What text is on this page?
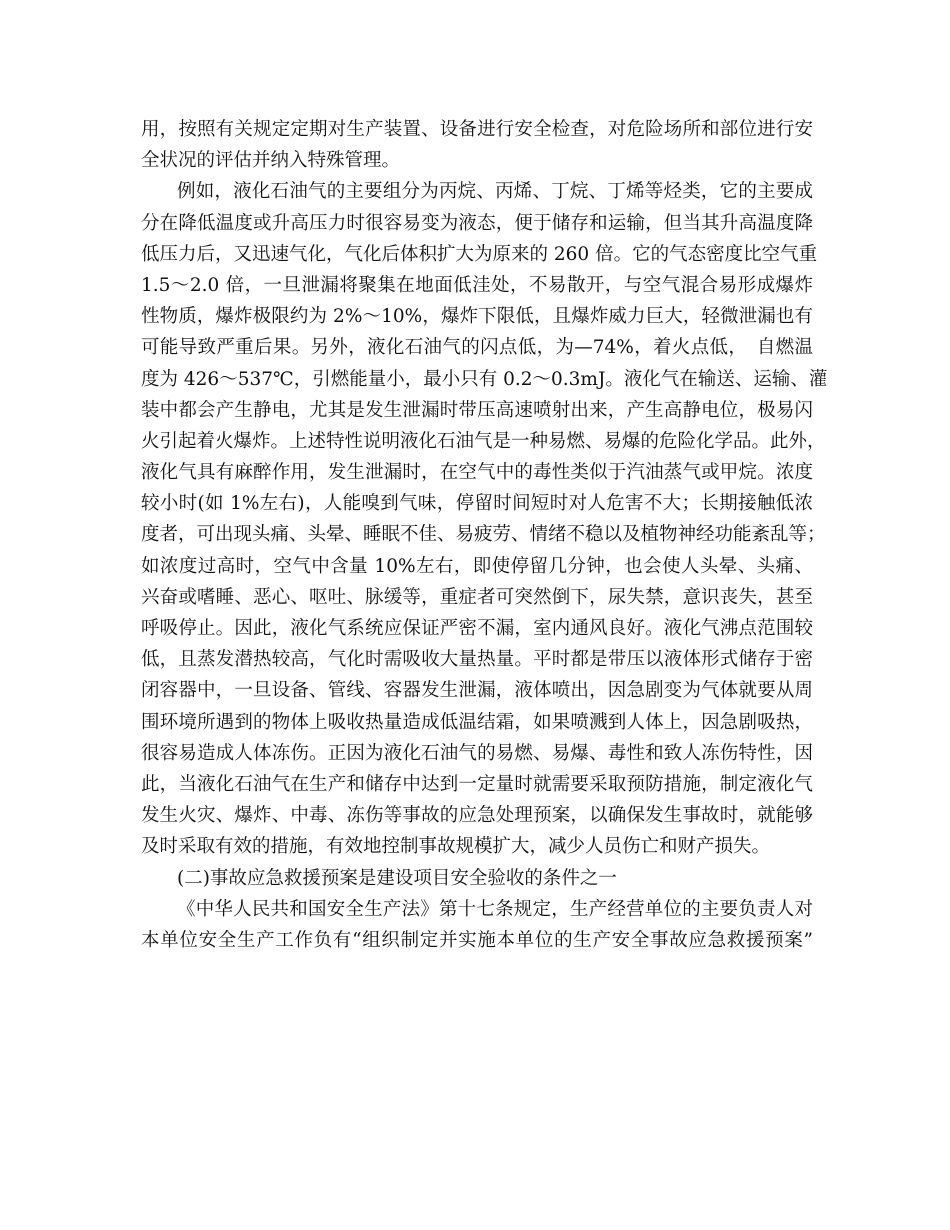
用，按照有关规定定期对生产装置、设备进行安全检查，对危险场所和部位进行安
全状况的评估并纳入特殊管理。
例如，液化石油气的主要组分为丙烷、丙烯、丁烷、丁烯等烃类，它的主要成
分在降低温度或升高压力时很容易变为液态，便于储存和运输，但当其升高温度降
低压力后，又迅速气化，气化后体积扩大为原来的 260 倍。它的气态密度比空气重
1.5～2.0 倍，一旦泄漏将聚集在地面低洼处，不易散开，与空气混合易形成爆炸
性物质，爆炸极限约为 2%～10%，爆炸下限低，且爆炸威力巨大，轻微泄漏也有
可能导致严重后果。另外，液化石油气的闪点低，为—74%，着火点低，　自燃温
度为 426～537℃，引燃能量小，最小只有 0.2～0.3mJ。液化气在输送、运输、灌
装中都会产生静电，尤其是发生泄漏时带压高速喷射出来，产生高静电位，极易闪
火引起着火爆炸。上述特性说明液化石油气是一种易燃、易爆的危险化学品。此外，
液化气具有麻醉作用，发生泄漏时，在空气中的毒性类似于汽油蒸气或甲烷。浓度
较小时(如 1%左右)，人能嗅到气味，停留时间短时对人危害不大；长期接触低浓
度者，可出现头痛、头晕、睡眠不佳、易疲劳、情绪不稳以及植物神经功能紊乱等；
如浓度过高时，空气中含量 10%左右，即使停留几分钟，也会使人头晕、头痛、
兴奋或嗜睡、恶心、呕吐、脉缓等，重症者可突然倒下，尿失禁，意识丧失，甚至
呼吸停止。因此，液化气系统应保证严密不漏，室内通风良好。液化气沸点范围较
低，且蒸发潜热较高，气化时需吸收大量热量。平时都是带压以液体形式储存于密
闭容器中，一旦设备、管线、容器发生泄漏，液体喷出，因急剧变为气体就要从周
围环境所遇到的物体上吸收热量造成低温结霜，如果喷溅到人体上，因急剧吸热，
很容易造成人体冻伤。正因为液化石油气的易燃、易爆、毒性和致人冻伤特性，因
此，当液化石油气在生产和储存中达到一定量时就需要采取预防措施，制定液化气
发生火灾、爆炸、中毒、冻伤等事故的应急处理预案，以确保发生事故时，就能够
及时采取有效的措施，有效地控制事故规模扩大，减少人员伤亡和财产损失。
(二)事故应急救援预案是建设项目安全验收的条件之一
《中华人民共和国安全生产法》第十七条规定，生产经营单位的主要负责人对
本单位安全生产工作负有“组织制定并实施本单位的生产安全事故应急救援预案”
